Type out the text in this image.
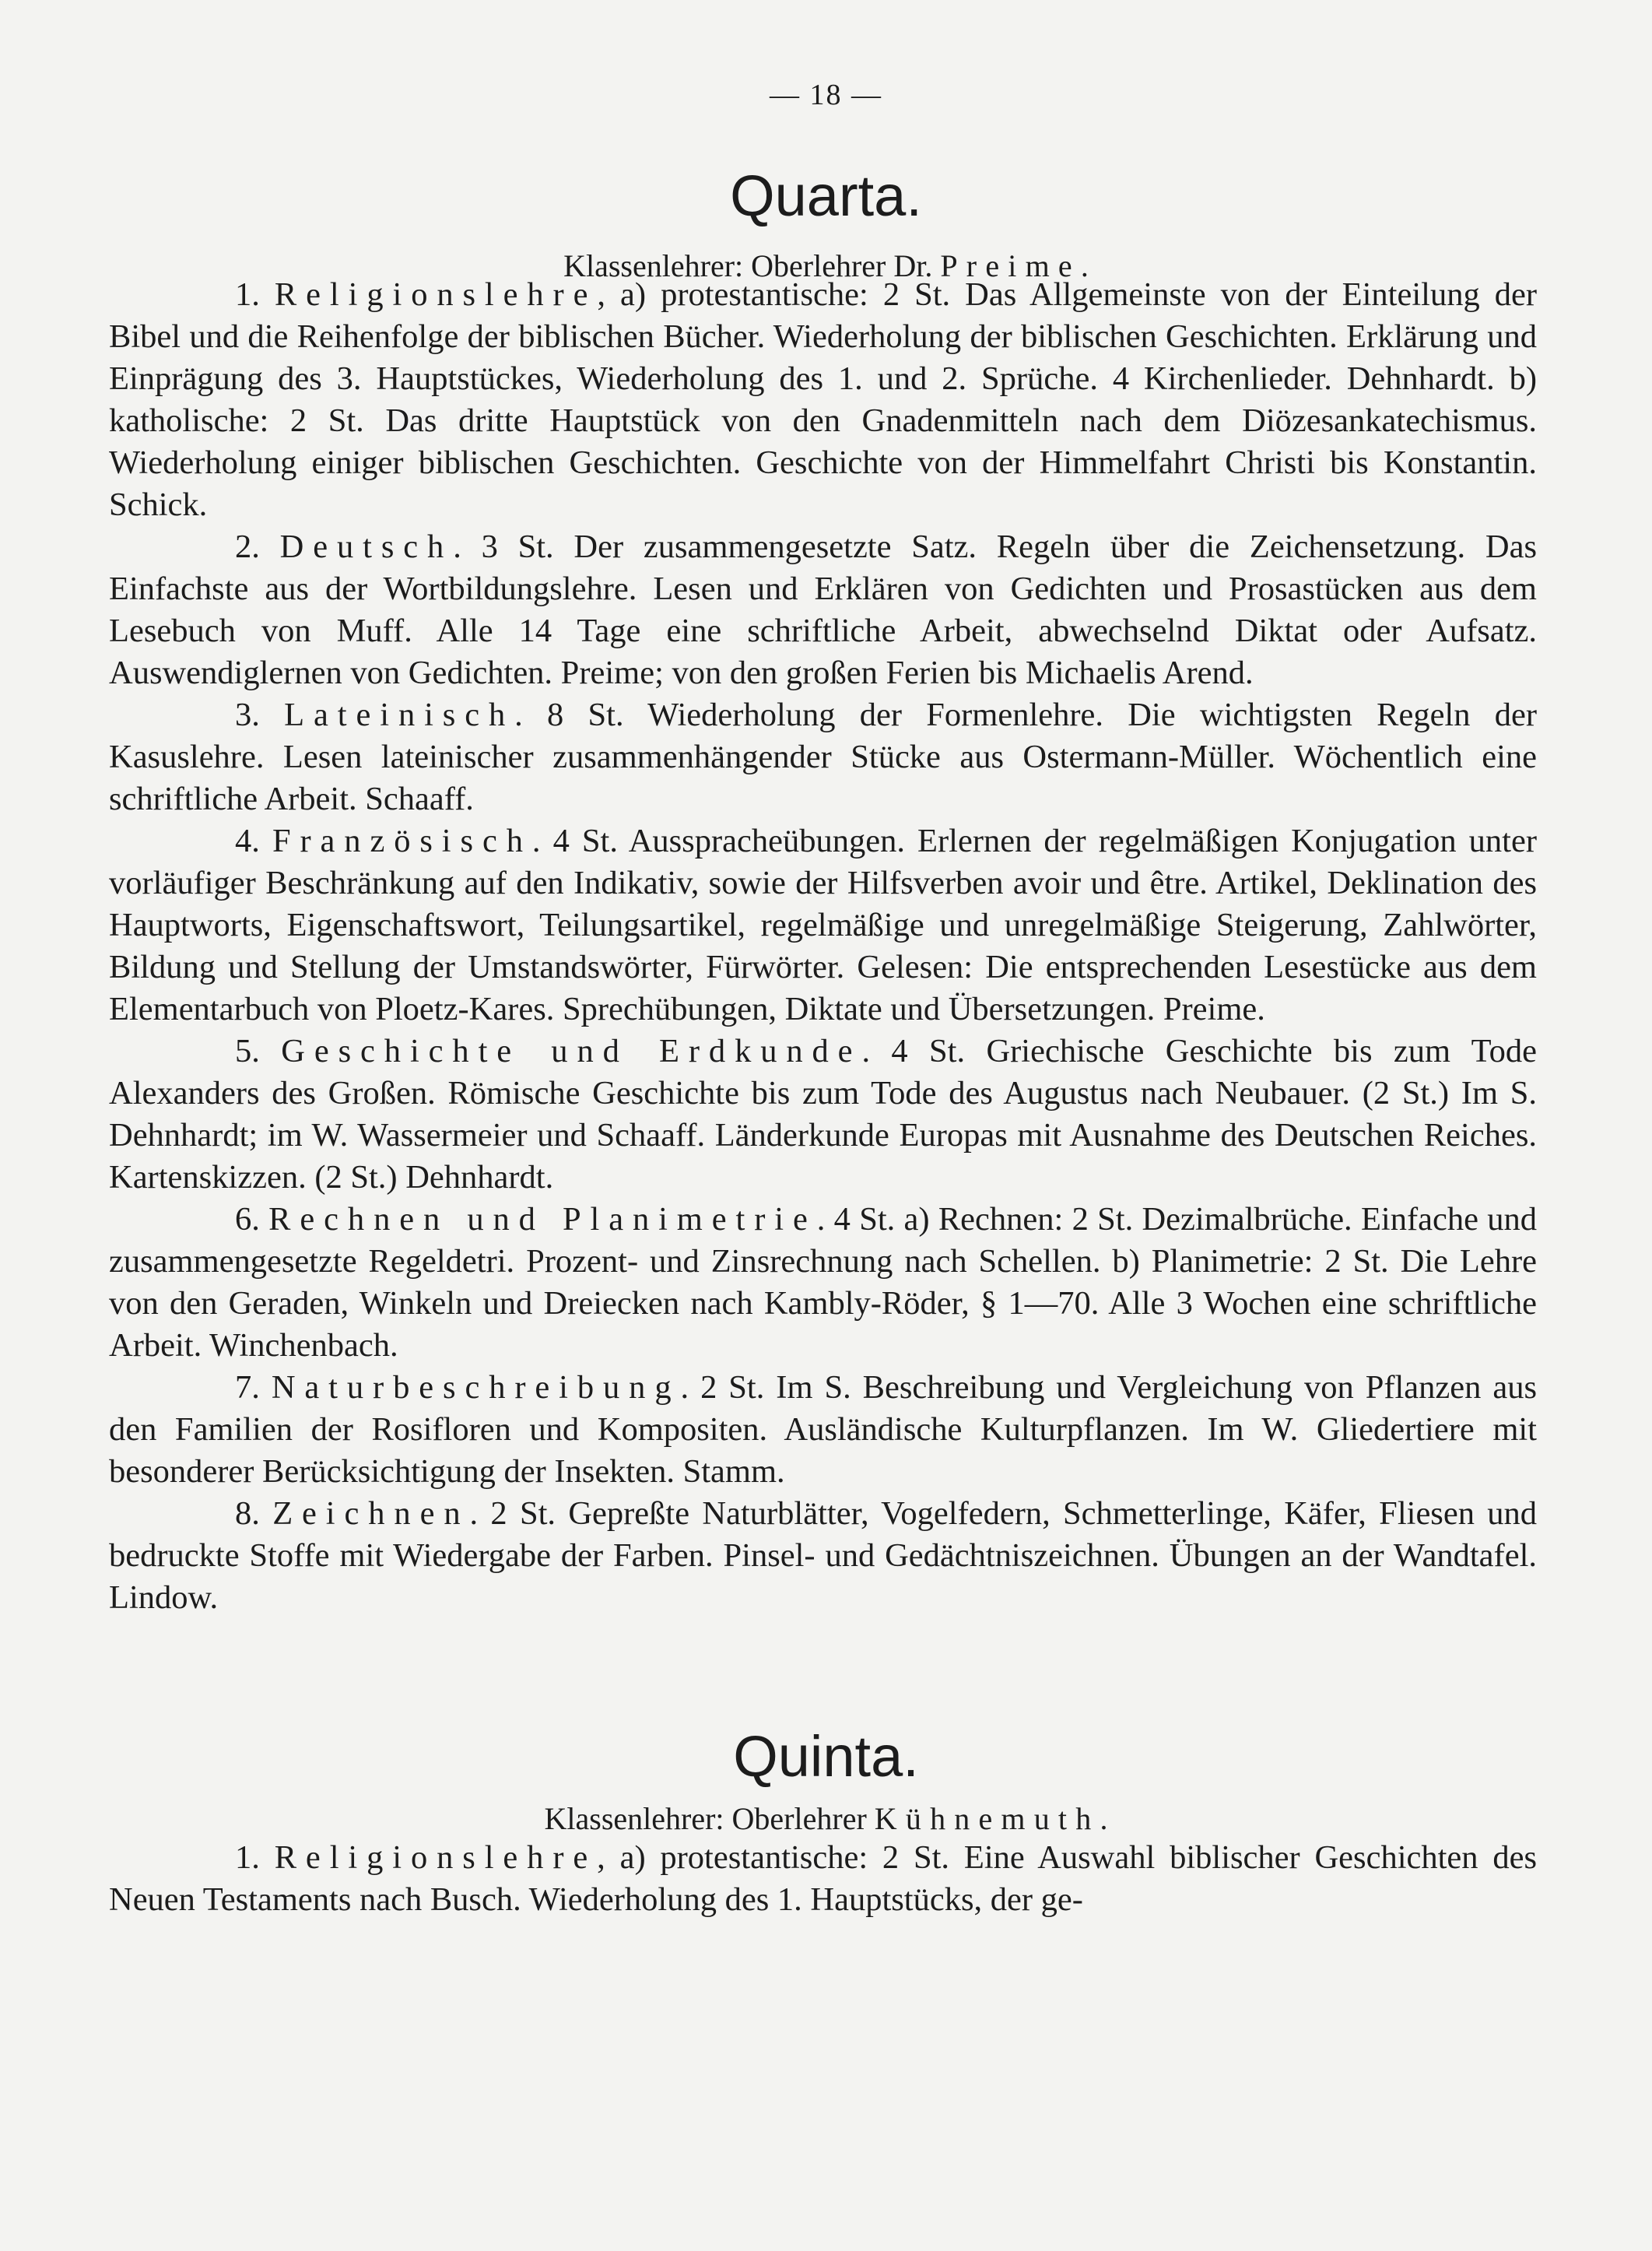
— 18 —
Quarta.
Klassenlehrer: Oberlehrer Dr. Preime.

1. Religionslehre, a) protestantische: 2 St. Das Allgemeinste von der Einteilung der Bibel und die Reihenfolge der biblischen Bücher. Wiederholung der biblischen Geschichten. Erklärung und Einprägung des 3. Hauptstückes, Wiederholung des 1. und 2. Sprüche. 4 Kirchenlieder. Dehnhardt. b) katholische: 2 St. Das dritte Hauptstück von den Gnadenmitteln nach dem Diözesankatechismus. Wiederholung einiger biblischen Geschichten. Geschichte von der Himmelfahrt Christi bis Konstantin. Schick.

2. Deutsch. 3 St. Der zusammengesetzte Satz. Regeln über die Zeichensetzung. Das Einfachste aus der Wortbildungslehre. Lesen und Erklären von Gedichten und Prosastücken aus dem Lesebuch von Muff. Alle 14 Tage eine schriftliche Arbeit, abwechselnd Diktat oder Aufsatz. Auswendiglernen von Gedichten. Preime; von den großen Ferien bis Michaelis Arend.

3. Lateinisch. 8 St. Wiederholung der Formenlehre. Die wichtigsten Regeln der Kasuslehre. Lesen lateinischer zusammenhängender Stücke aus Ostermann-Müller. Wöchentlich eine schriftliche Arbeit. Schaaff.

4. Französisch. 4 St. Ausspracheübungen. Erlernen der regelmäßigen Konjugation unter vorläufiger Beschränkung auf den Indikativ, sowie der Hilfsverben avoir und être. Artikel, Deklination des Hauptworts, Eigenschaftswort, Teilungsartikel, regelmäßige und unregelmäßige Steigerung, Zahlwörter, Bildung und Stellung der Umstandswörter, Fürwörter. Gelesen: Die entsprechenden Lesestücke aus dem Elementarbuch von Ploetz-Kares. Sprechübungen, Diktate und Übersetzungen. Preime.

5. Geschichte und Erdkunde. 4 St. Griechische Geschichte bis zum Tode Alexanders des Großen. Römische Geschichte bis zum Tode des Augustus nach Neubauer. (2 St.) Im S. Dehnhardt; im W. Wassermeier und Schaaff. Länderkunde Europas mit Ausnahme des Deutschen Reiches. Kartenskizzen. (2 St.) Dehnhardt.

6. Rechnen und Planimetrie. 4 St. a) Rechnen: 2 St. Dezimalbrüche. Einfache und zusammengesetzte Regeldetri. Prozent- und Zinsrechnung nach Schellen. b) Planimetrie: 2 St. Die Lehre von den Geraden, Winkeln und Dreiecken nach Kambly-Röder, § 1—70. Alle 3 Wochen eine schriftliche Arbeit. Winchenbach.

7. Naturbeschreibung. 2 St. Im S. Beschreibung und Vergleichung von Pflanzen aus den Familien der Rosifloren und Kompositen. Ausländische Kulturpflanzen. Im W. Gliedertiere mit besonderer Berücksichtigung der Insekten. Stamm.

8. Zeichnen. 2 St. Gepreßte Naturblätter, Vogelfedern, Schmetterlinge, Käfer, Fliesen und bedruckte Stoffe mit Wiedergabe der Farben. Pinsel- und Gedächtniszeichnen. Übungen an der Wandtafel. Lindow.

Quinta.
Klassenlehrer: Oberlehrer Kühnemuth.

1. Religionslehre, a) protestantische: 2 St. Eine Auswahl biblischer Geschichten des Neuen Testaments nach Busch. Wiederholung des 1. Hauptstücks, der ge-
